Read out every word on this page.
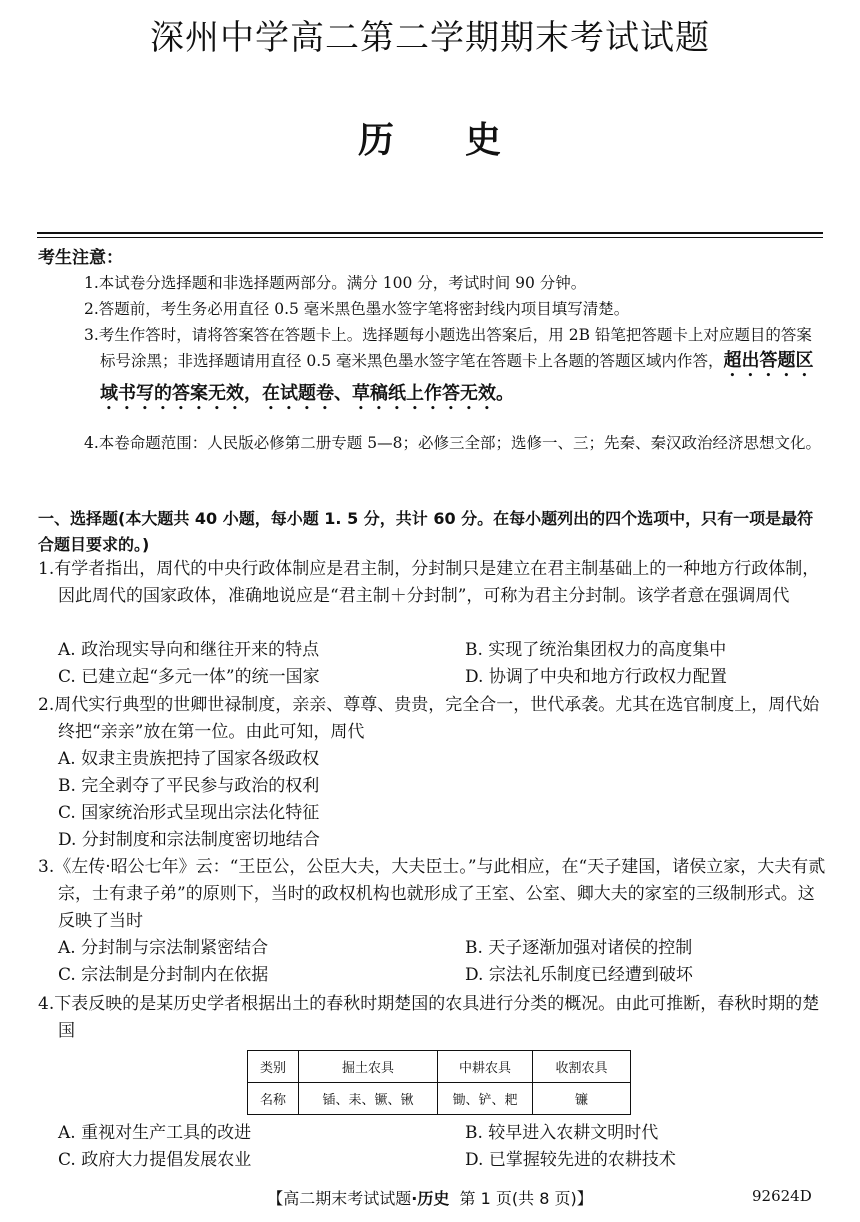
深州中学高二第二学期期末考试试题
历 史
考生注意：
1.本试卷分选择题和非选择题两部分。满分 100 分，考试时间 90 分钟。
2.答题前，考生务必用直径 0.5 毫米黑色墨水签字笔将密封线内项目填写清楚。
3.考生作答时，请将答案答在答题卡上。选择题每小题选出答案后，用 2B 铅笔把答题卡上对应题目的答案标号涂黑；非选择题请用直径 0.5 毫米黑色墨水签字笔在答题卡上各题的答题区域内作答，超出答题区域书写的答案无效，在试题卷、草稿纸上作答无效。
4.本卷命题范围：人民版必修第二册专题 5—8；必修三全部；选修一、三；先秦、秦汉政治经济思想文化。
一、选择题(本大题共 40 小题，每小题 1. 5 分，共计 60 分。在每小题列出的四个选项中，只有一项是最符合题目要求的。)
1.有学者指出，周代的中央行政体制应是君主制，分封制只是建立在君主制基础上的一种地方行政体制，因此周代的国家政体，准确地说应是“君主制＋分封制”，可称为君主分封制。该学者意在强调周代
A. 政治现实导向和继往开来的特点	B. 实现了统治集团权力的高度集中
C. 已建立起“多元一体”的统一国家	D. 协调了中央和地方行政权力配置
2.周代实行典型的世卿世禄制度，亲亲、尊尊、贵贵，完全合一，世代承袭。尤其在选官制度上，周代始终把“亲亲”放在第一位。由此可知，周代
A. 奴隶主贵族把持了国家各级政权
B. 完全剥夺了平民参与政治的权利
C. 国家统治形式呈现出宗法化特征
D. 分封制度和宗法制度密切地结合
3.《左传·昭公七年》云：“王臣公，公臣大夫，大夫臣士。”与此相应，在“天子建国，诸侯立家，大夫有贰宗，士有隶子弟”的原则下，当时的政权机构也就形成了王室、公室、卿大夫的家室的三级制形式。这反映了当时
A. 分封制与宗法制紧密结合	B. 天子逐渐加强对诸侯的控制
C. 宗法制是分封制内在依据	D. 宗法礼乐制度已经遭到破坏
4.下表反映的是某历史学者根据出土的春秋时期楚国的农具进行分类的概况。由此可推断，春秋时期的楚国
类别	掘土农具	中耕农具	收割农具
名称	锸、耒、镢、锹	锄、铲、耙	镰
A. 重视对生产工具的改进	B. 较早进入农耕文明时代
C. 政府大力提倡发展农业	D. 已掌握较先进的农耕技术
【高二期末考试试题·历史 第 1 页(共 8 页)】	92624D
